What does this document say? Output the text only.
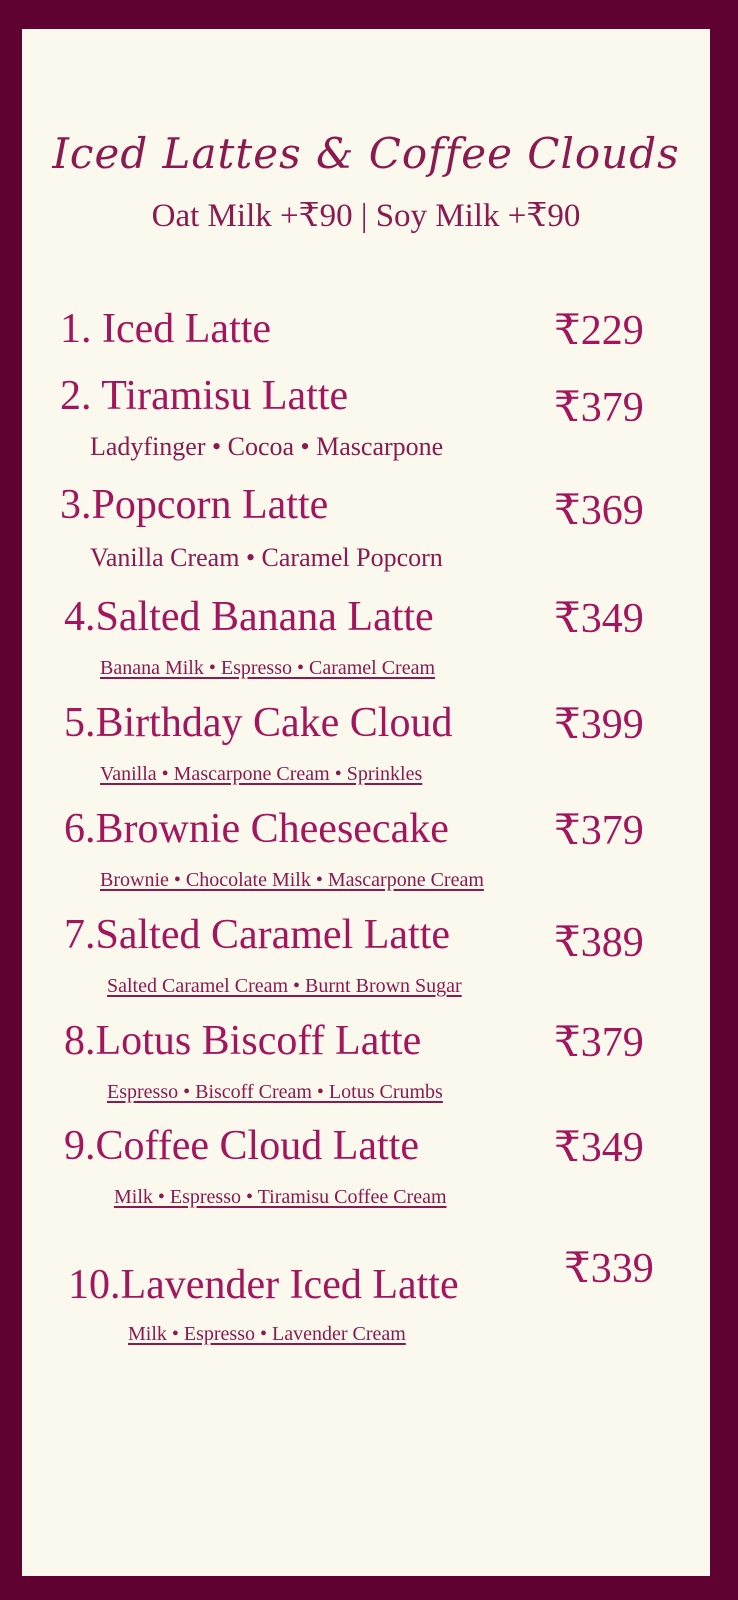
Iced Lattes & Coffee Clouds
Oat Milk +₹90 | Soy Milk +₹90
1. Iced Latte	₹229
2. Tiramisu Latte	₹379
Ladyfinger • Cocoa • Mascarpone
3.Popcorn Latte	₹369
Vanilla Cream • Caramel Popcorn
4.Salted Banana Latte	₹349
Banana Milk • Espresso • Caramel Cream
5.Birthday Cake Cloud ₹399
Vanilla • Mascarpone Cream • Sprinkles
6.Brownie Cheesecake	₹379
Brownie • Chocolate Milk • Mascarpone Cream
7.Salted Caramel Latte ₹389
Salted Caramel Cream • Burnt Brown Sugar
8.Lotus Biscoff Latte	₹379
Espresso • Biscoff Cream • Lotus Crumbs
9.Coffee Cloud Latte	₹349
Milk • Espresso • Tiramisu Coffee Cream
10.Lavender Iced Latte	₹339
Milk • Espresso • Lavender Cream
